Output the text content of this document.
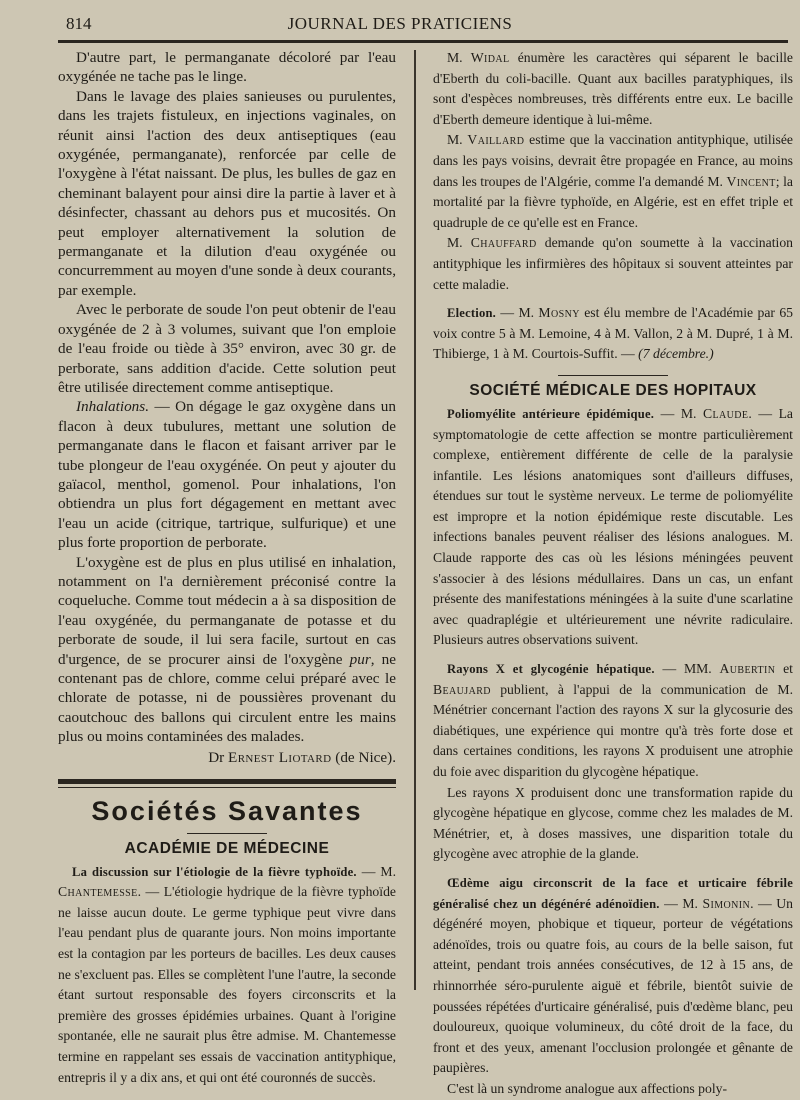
814	JOURNAL DES PRATICIENS

D'autre part, le permanganate décoloré par l'eau oxygénée ne tache pas le linge.

Dans le lavage des plaies sanieuses ou purulentes, dans les trajets fistuleux, en injections vaginales, on réunit ainsi l'action des deux antiseptiques (eau oxygénée, permanganate), renforcée par celle de l'oxygène à l'état naissant. De plus, les bulles de gaz en cheminant balayent pour ainsi dire la partie à laver et à désinfecter, chassant au dehors pus et mucosités. On peut employer alternativement la solution de permanganate et la dilution d'eau oxygénée ou concurremment au moyen d'une sonde à deux courants, par exemple.

Avec le perborate de soude l'on peut obtenir de l'eau oxygénée de 2 à 3 volumes, suivant que l'on emploie de l'eau froide ou tiède à 35° environ, avec 30 gr. de perborate, sans addition d'acide. Cette solution peut être utilisée directement comme antiseptique.

Inhalations. — On dégage le gaz oxygène dans un flacon à deux tubulures, mettant une solution de permanganate dans le flacon et faisant arriver par le tube plongeur de l'eau oxygénée. On peut y ajouter du gaïacol, menthol, gomenol. Pour inhalations, l'on obtiendra un plus fort dégagement en mettant avec l'eau un acide (citrique, tartrique, sulfurique) et une plus forte proportion de perborate.

L'oxygène est de plus en plus utilisé en inhalation, notamment on l'a dernièrement préconisé contre la coqueluche. Comme tout médecin a à sa disposition de l'eau oxygénée, du permanganate de potasse et du perborate de soude, il lui sera facile, surtout en cas d'urgence, de se procurer ainsi de l'oxygène pur, ne contenant pas de chlore, comme celui préparé avec le chlorate de potasse, ni de poussières provenant du caoutchouc des ballons qui circulent entre les mains plus ou moins contaminées des malades.

Dr Ernest Liotard (de Nice).

Sociétés Savantes
ACADÉMIE DE MÉDECINE

La discussion sur l'étiologie de la fièvre typhoïde. — M. Chantemesse. — L'étiologie hydrique de la fièvre typhoïde ne laisse aucun doute. Le germe typhique peut vivre dans l'eau pendant plus de quarante jours. Non moins importante est la contagion par les porteurs de bacilles. Les deux causes ne s'excluent pas. Elles se complètent l'une l'autre, la seconde étant surtout responsable des foyers circonscrits et la première des grosses épidémies urbaines. Quant à l'origine spontanée, elle ne saurait plus être admise. M. Chantemesse termine en rappelant ses essais de vaccination antityphique, entrepris il y a dix ans, et qui ont été couronnés de succès.

M. Widal énumère les caractères qui séparent le bacille d'Eberth du coli-bacille. Quant aux bacilles paratyphiques, ils sont d'espèces nombreuses, très différents entre eux. Le bacille d'Eberth demeure identique à lui-même.

M. Vaillard estime que la vaccination antityphique, utilisée dans les pays voisins, devrait être propagée en France, au moins dans les troupes de l'Algérie, comme l'a demandé M. Vincent; la mortalité par la fièvre typhoïde, en Algérie, est en effet triple et quadruple de ce qu'elle est en France.

M. Chauffard demande qu'on soumette à la vaccination antityphique les infirmières des hôpitaux si souvent atteintes par cette maladie.

Election. — M. Mosny est élu membre de l'Académie par 65 voix contre 5 à M. Lemoine, 4 à M. Vallon, 2 à M. Dupré, 1 à M. Thibierge, 1 à M. Courtois-Suffit. — (7 décembre.)

SOCIÉTÉ MÉDICALE DES HOPITAUX

Poliomyélite antérieure épidémique. — M. Claude. — La symptomatologie de cette affection se montre particulièrement complexe, entièrement différente de celle de la paralysie infantile. Les lésions anatomiques sont d'ailleurs diffuses, étendues sur tout le système nerveux. Le terme de poliomyélite est impropre et la notion épidémique reste discutable. Les infections banales peuvent réaliser des lésions analogues. M. Claude rapporte des cas où les lésions méningées peuvent s'associer à des lésions médullaires. Dans un cas, un enfant présente des manifestations méningées à la suite d'une scarlatine avec quadraplégie et ultérieurement une névrite radiculaire. Plusieurs autres observations suivent.

Rayons X et glycogénie hépatique. — MM. Aubertin et Beaujard publient, à l'appui de la communication de M. Ménétrier concernant l'action des rayons X sur la glycosurie des diabétiques, une expérience qui montre qu'à très forte dose et dans certaines conditions, les rayons X produisent une atrophie du foie avec disparition du glycogène hépatique.

Les rayons X produisent donc une transformation rapide du glycogène hépatique en glycose, comme chez les malades de M. Ménétrier, et, à doses massives, une disparition totale du glycogène avec atrophie de la glande.

Œdème aigu circonscrit de la face et urticaire fébrile généralisé chez un dégénéré adénoïdien. — M. Simonin. — Un dégénéré moyen, phobique et tiqueur, porteur de végétations adénoïdes, trois ou quatre fois, au cours de la belle saison, fut atteint, pendant trois années consécutives, de 12 à 15 ans, de rhinnorrhée séro-purulente aiguë et fébrile, bientôt suivie de poussées répétées d'urticaire généralisé, puis d'œdème blanc, peu douloureux, quoique volumineux, du côté droit de la face, du front et des yeux, amenant l'occlusion prolongée et gênante de paupières.

C'est là un syndrome analogue aux affections poly-
